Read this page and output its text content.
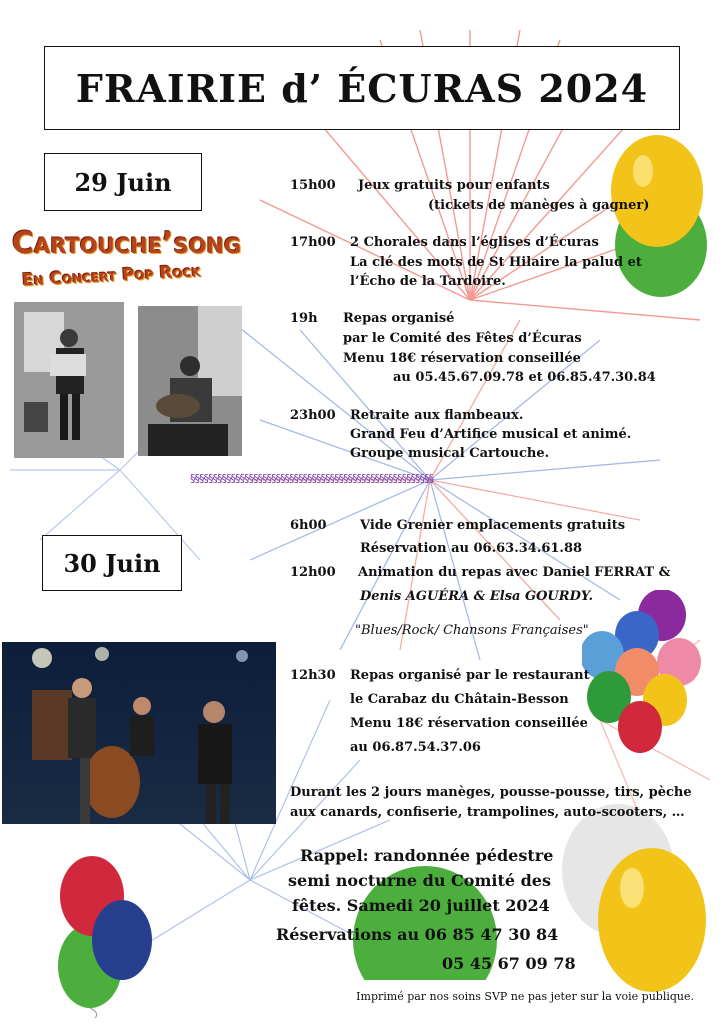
FRAIRIE d’ ÉCURAS 2024
29 Juin
Cartouche’song
En Concert Pop Rock
15h00 Jeux gratuits pour enfants
(tickets de manèges à gagner)
17h00 2 Chorales dans l’églises d’Écuras
La clé des mots de St Hilaire la palud et
l’Écho de la Tardoire.
19h Repas organisé
par le Comité des Fêtes d’Écuras
Menu 18€ réservation conseillée
au 05.45.67.09.78 et 06.85.47.30.84
23h00 Retraite aux flambeaux.
Grand Feu d’Artifice musical et animé.
Groupe musical Cartouche.
§§§§§§§§§§§§§§§§§§§§§§§§§§§§§§§§§§§§§§§§§§§§§§§§§§§§§§
30 Juin
6h00	Vide Grenier emplacements gratuits
Réservation au 06.63.34.61.88
12h00 Animation du repas avec Daniel FERRAT &
Denis AGUÉRA & Elsa GOURDY.
"Blues/Rock/ Chansons Françaises"
12h30 Repas organisé par le restaurant
le Carabaz du Châtain-Besson
Menu 18€ réservation conseillée
au 06.87.54.37.06
Durant les 2 jours manèges, pousse-pousse, tirs, pèche
aux canards, confiserie, trampolines, auto-scooters, …
Rappel: randonnée pédestre
semi nocturne du Comité des
fêtes. Samedi 20 juillet 2024
Réservations au 06 85 47 30 84
05 45 67 09 78
Imprimé par nos soins SVP ne pas jeter sur la voie publique.
